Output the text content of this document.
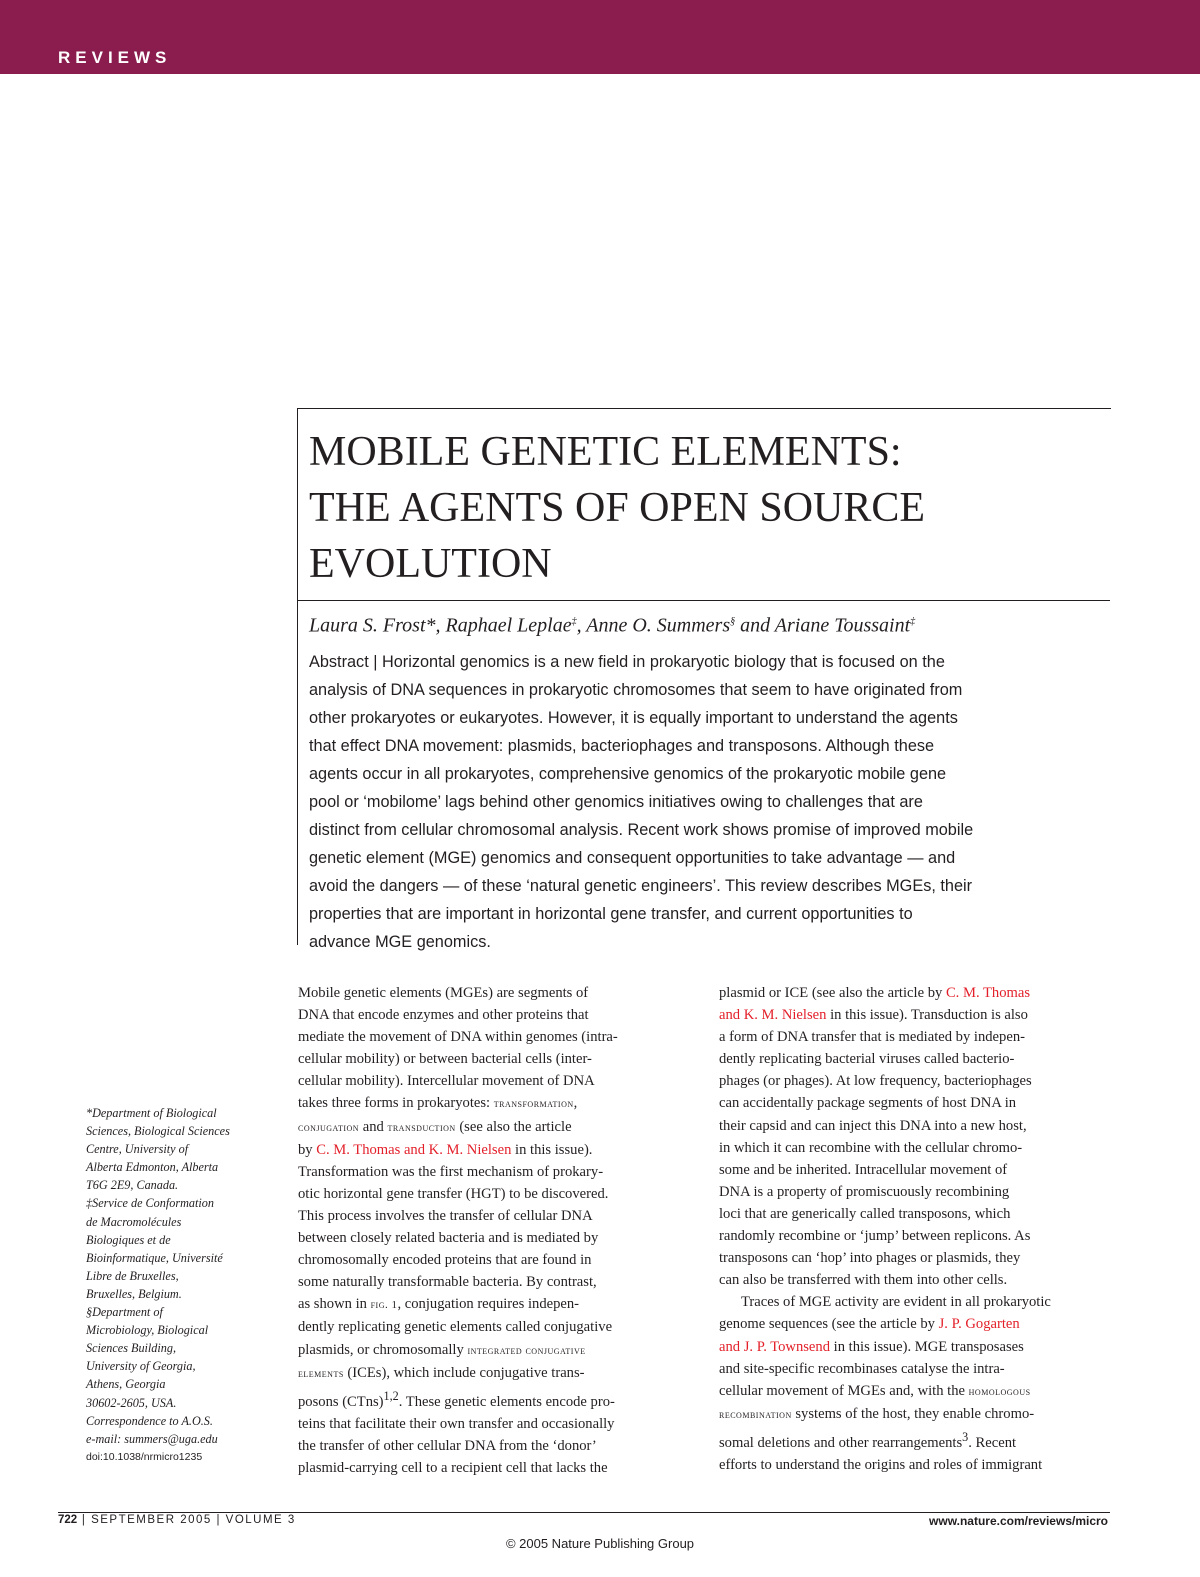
REVIEWS
MOBILE GENETIC ELEMENTS:
THE AGENTS OF OPEN SOURCE
EVOLUTION
Laura S. Frost*, Raphael Leplae‡, Anne O. Summers§ and Ariane Toussaint‡
Abstract | Horizontal genomics is a new field in prokaryotic biology that is focused on the
analysis of DNA sequences in prokaryotic chromosomes that seem to have originated from
other prokaryotes or eukaryotes. However, it is equally important to understand the agents
that effect DNA movement: plasmids, bacteriophages and transposons. Although these
agents occur in all prokaryotes, comprehensive genomics of the prokaryotic mobile gene
pool or ‘mobilome’ lags behind other genomics initiatives owing to challenges that are
distinct from cellular chromosomal analysis. Recent work shows promise of improved mobile
genetic element (MGE) genomics and consequent opportunities to take advantage — and
avoid the dangers — of these ‘natural genetic engineers’. This review describes MGEs, their
properties that are important in horizontal gene transfer, and current opportunities to
advance MGE genomics.
*Department of Biological
Sciences, Biological Sciences
Centre, University of
Alberta Edmonton, Alberta
T6G 2E9, Canada.
‡Service de Conformation
de Macromolécules
Biologiques et de
Bioinformatique, Université
Libre de Bruxelles,
Bruxelles, Belgium.
§Department of
Microbiology, Biological
Sciences Building,
University of Georgia,
Athens, Georgia
30602-2605, USA.
Correspondence to A.O.S.
e-mail: summers@uga.edu
doi:10.1038/nrmicro1235
Mobile genetic elements (MGEs) are segments of
DNA that encode enzymes and other proteins that
mediate the movement of DNA within genomes (intra-
cellular mobility) or between bacterial cells (inter-
cellular mobility). Intercellular movement of DNA
takes three forms in prokaryotes: transformation,
conjugation and transduction (see also the article
by C. M. Thomas and K. M. Nielsen in this issue).
Transformation was the first mechanism of prokary-
otic horizontal gene transfer (HGT) to be discovered.
This process involves the transfer of cellular DNA
between closely related bacteria and is mediated by
chromosomally encoded proteins that are found in
some naturally transformable bacteria. By contrast,
as shown in fig. 1, conjugation requires indepen-
dently replicating genetic elements called conjugative
plasmids, or chromosomally integrated conjugative
elements (ICEs), which include conjugative trans-
posons (CTns)$^{1,2}$. These genetic elements encode pro-
teins that facilitate their own transfer and occasionally
the transfer of other cellular DNA from the ‘donor’
plasmid-carrying cell to a recipient cell that lacks the
plasmid or ICE (see also the article by C. M. Thomas
and K. M. Nielsen in this issue). Transduction is also
a form of DNA transfer that is mediated by indepen-
dently replicating bacterial viruses called bacterio-
phages (or phages). At low frequency, bacteriophages
can accidentally package segments of host DNA in
their capsid and can inject this DNA into a new host,
in which it can recombine with the cellular chromo-
some and be inherited. Intracellular movement of
DNA is a property of promiscuously recombining
loci that are generically called transposons, which
randomly recombine or ‘jump’ between replicons. As
transposons can ‘hop’ into phages or plasmids, they
can also be transferred with them into other cells.
Traces of MGE activity are evident in all prokaryotic
genome sequences (see the article by J. P. Gogarten
and J. P. Townsend in this issue). MGE transposases
and site-specific recombinases catalyse the intra-
cellular movement of MGEs and, with the homologous
recombination systems of the host, they enable chromo-
somal deletions and other rearrangements$^3$. Recent
efforts to understand the origins and roles of immigrant
722 | SEPTEMBER 2005 | VOLUME 3	www.nature.com/reviews/micro
© 2005 Nature Publishing Group
